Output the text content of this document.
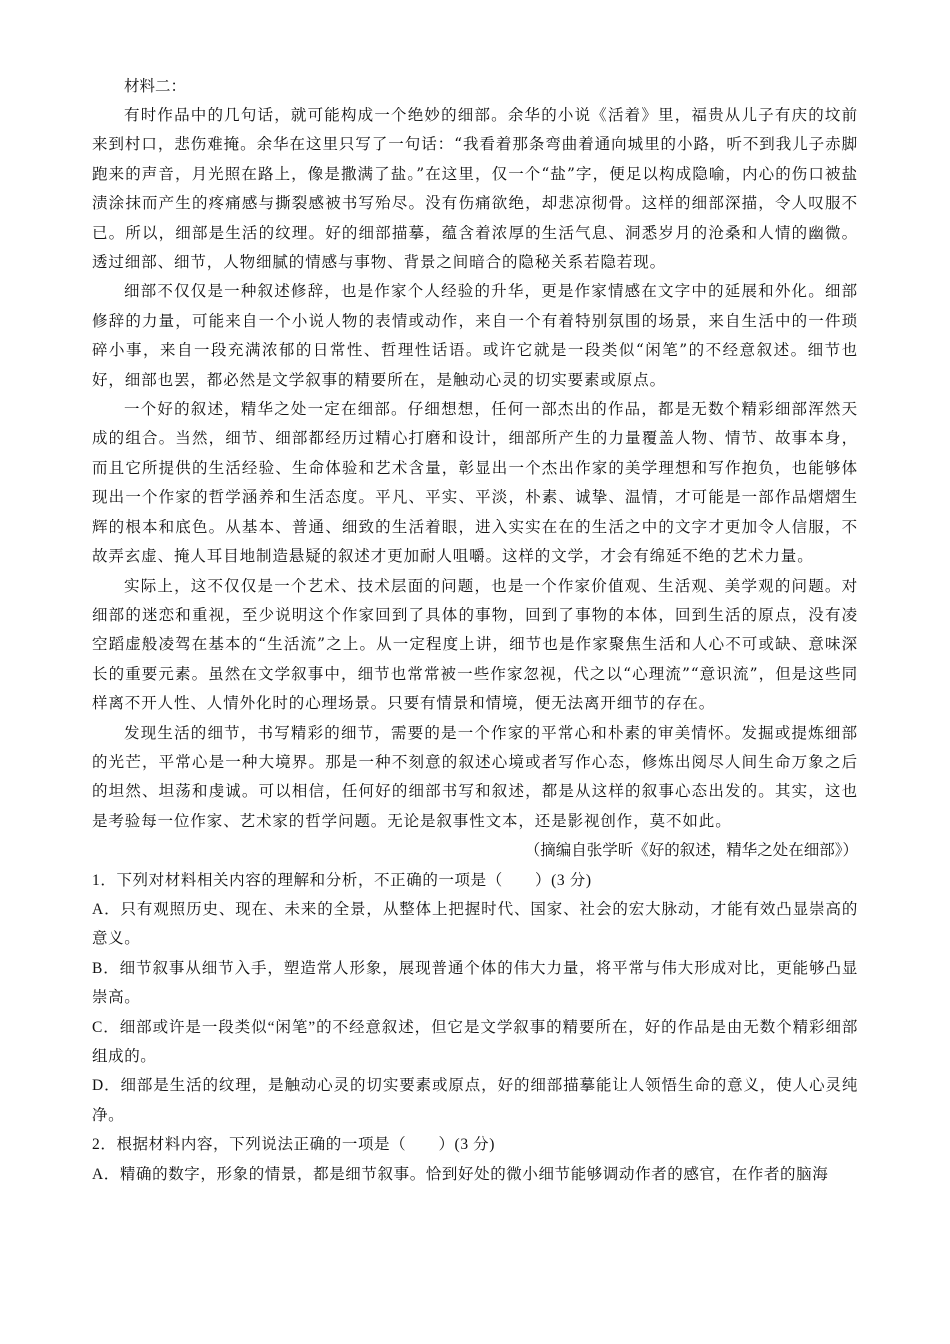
材料二：

有时作品中的几句话，就可能构成一个绝妙的细部。余华的小说《活着》里，福贵从儿子有庆的坟前来到村口，悲伤难掩。余华在这里只写了一句话：“我看着那条弯曲着通向城里的小路，听不到我儿子赤脚跑来的声音，月光照在路上，像是撒满了盐。”在这里，仅一个“盐”字，便足以构成隐喻，内心的伤口被盐渍涂抹而产生的疼痛感与撕裂感被书写殆尽。没有伤痛欲绝，却悲凉彻骨。这样的细部深描，令人叹服不已。所以，细部是生活的纹理。好的细部描摹，蕴含着浓厚的生活气息、洞悉岁月的沧桑和人情的幽微。透过细部、细节，人物细腻的情感与事物、背景之间暗合的隐秘关系若隐若现。

细部不仅仅是一种叙述修辞，也是作家个人经验的升华，更是作家情感在文字中的延展和外化。细部修辞的力量，可能来自一个小说人物的表情或动作，来自一个有着特别氛围的场景，来自生活中的一件琐碎小事，来自一段充满浓郁的日常性、哲理性话语。或许它就是一段类似“闲笔”的不经意叙述。细节也好，细部也罢，都必然是文学叙事的精要所在，是触动心灵的切实要素或原点。

一个好的叙述，精华之处一定在细部。仔细想想，任何一部杰出的作品，都是无数个精彩细部浑然天成的组合。当然，细节、细部都经历过精心打磨和设计，细部所产生的力量覆盖人物、情节、故事本身，而且它所提供的生活经验、生命体验和艺术含量，彰显出一个杰出作家的美学理想和写作抱负，也能够体现出一个作家的哲学涵养和生活态度。平凡、平实、平淡，朴素、诚挚、温情，才可能是一部作品熠熠生辉的根本和底色。从基本、普通、细致的生活着眼，进入实实在在的生活之中的文字才更加令人信服，不故弄玄虚、掩人耳目地制造悬疑的叙述才更加耐人咀嚼。这样的文学，才会有绵延不绝的艺术力量。

实际上，这不仅仅是一个艺术、技术层面的问题，也是一个作家价值观、生活观、美学观的问题。对细部的迷恋和重视，至少说明这个作家回到了具体的事物，回到了事物的本体，回到生活的原点，没有凌空蹈虚般凌驾在基本的“生活流”之上。从一定程度上讲，细节也是作家聚焦生活和人心不可或缺、意味深长的重要元素。虽然在文学叙事中，细节也常常被一些作家忽视，代之以“心理流”“意识流”，但是这些同样离不开人性、人情外化时的心理场景。只要有情景和情境，便无法离开细节的存在。

发现生活的细节，书写精彩的细节，需要的是一个作家的平常心和朴素的审美情怀。发掘或提炼细部的光芒，平常心是一种大境界。那是一种不刻意的叙述心境或者写作心态，修炼出阅尽人间生命万象之后的坦然、坦荡和虔诚。可以相信，任何好的细部书写和叙述，都是从这样的叙事心态出发的。其实，这也是考验每一位作家、艺术家的哲学问题。无论是叙事性文本，还是影视创作，莫不如此。

（摘编自张学昕《好的叙述，精华之处在细部》）

1．下列对材料相关内容的理解和分析，不正确的一项是（　　）(3 分)

A．只有观照历史、现在、未来的全景，从整体上把握时代、国家、社会的宏大脉动，才能有效凸显崇高的意义。

B．细节叙事从细节入手，塑造常人形象，展现普通个体的伟大力量，将平常与伟大形成对比，更能够凸显崇高。

C．细部或许是一段类似“闲笔”的不经意叙述，但它是文学叙事的精要所在，好的作品是由无数个精彩细部组成的。

D．细部是生活的纹理，是触动心灵的切实要素或原点，好的细部描摹能让人领悟生命的意义，使人心灵纯净。

2．根据材料内容，下列说法正确的一项是（　　）(3 分)

A．精确的数字，形象的情景，都是细节叙事。恰到好处的微小细节能够调动作者的感官，在作者的脑海
